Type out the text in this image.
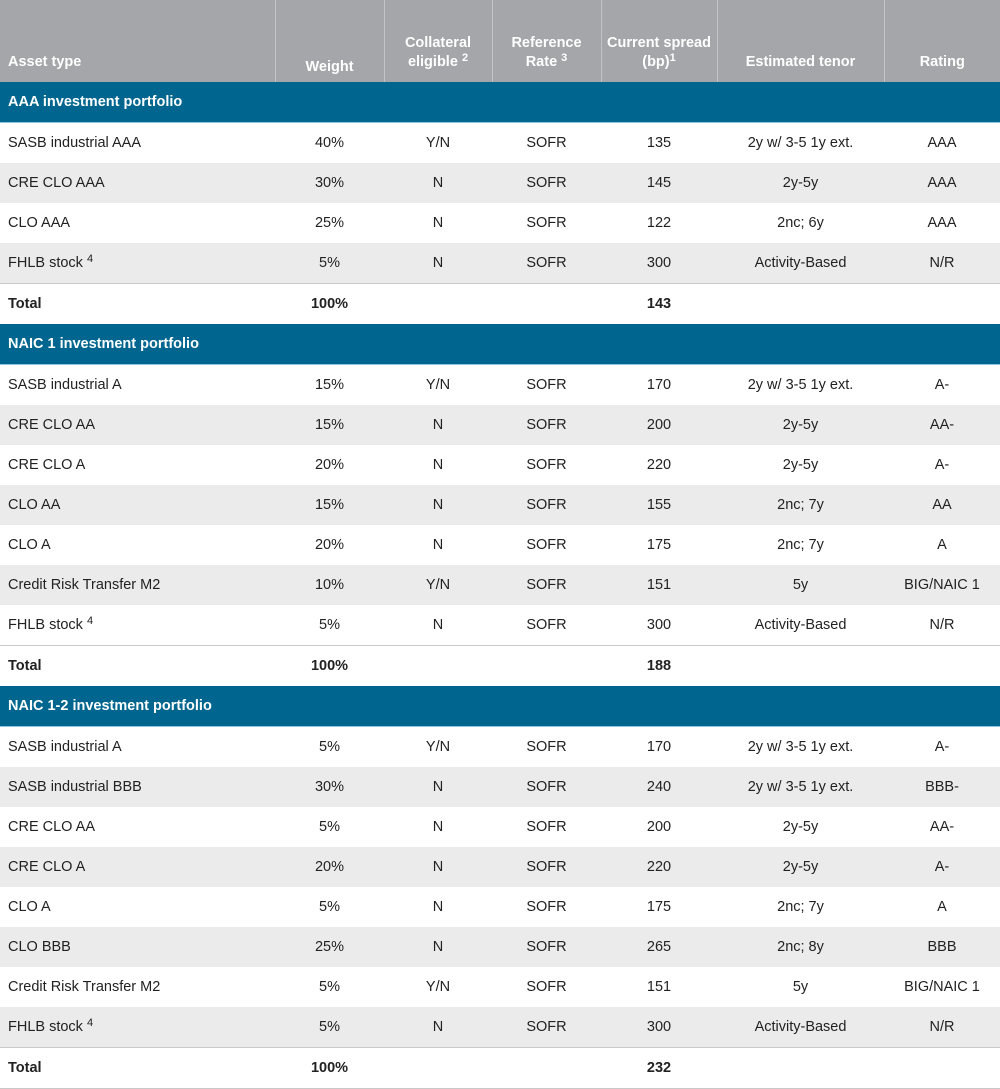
Asset type	Weight	Collateral eligible $^2$	Reference Rate $^3$	Current spread (bp)$^1$	Estimated tenor	Rating
AAA investment portfolio						
SASB industrial AAA	40%	Y/N	SOFR	135	2y w/ 3-5 1y ext.	AAA
CRE CLO AAA	30%	N	SOFR	145	2y-5y	AAA
CLO AAA	25%	N	SOFR	122	2nc; 6y	AAA
FHLB stock $^4$	5%	N	SOFR	300	Activity-Based	N/R
Total	100%			143		
NAIC 1 investment portfolio						
SASB industrial A	15%	Y/N	SOFR	170	2y w/ 3-5 1y ext.	A-
CRE CLO AA	15%	N	SOFR	200	2y-5y	AA-
CRE CLO A	20%	N	SOFR	220	2y-5y	A-
CLO AA	15%	N	SOFR	155	2nc; 7y	AA
CLO A	20%	N	SOFR	175	2nc; 7y	A
Credit Risk Transfer M2	10%	Y/N	SOFR	151	5y	BIG/NAIC 1
FHLB stock $^4$	5%	N	SOFR	300	Activity-Based	N/R
Total	100%			188		
NAIC 1-2 investment portfolio						
SASB industrial A	5%	Y/N	SOFR	170	2y w/ 3-5 1y ext.	A-
SASB industrial BBB	30%	N	SOFR	240	2y w/ 3-5 1y ext.	BBB-
CRE CLO AA	5%	N	SOFR	200	2y-5y	AA-
CRE CLO A	20%	N	SOFR	220	2y-5y	A-
CLO A	5%	N	SOFR	175	2nc; 7y	A
CLO BBB	25%	N	SOFR	265	2nc; 8y	BBB
Credit Risk Transfer M2	5%	Y/N	SOFR	151	5y	BIG/NAIC 1
FHLB stock $^4$	5%	N	SOFR	300	Activity-Based	N/R
Total	100%			232		
